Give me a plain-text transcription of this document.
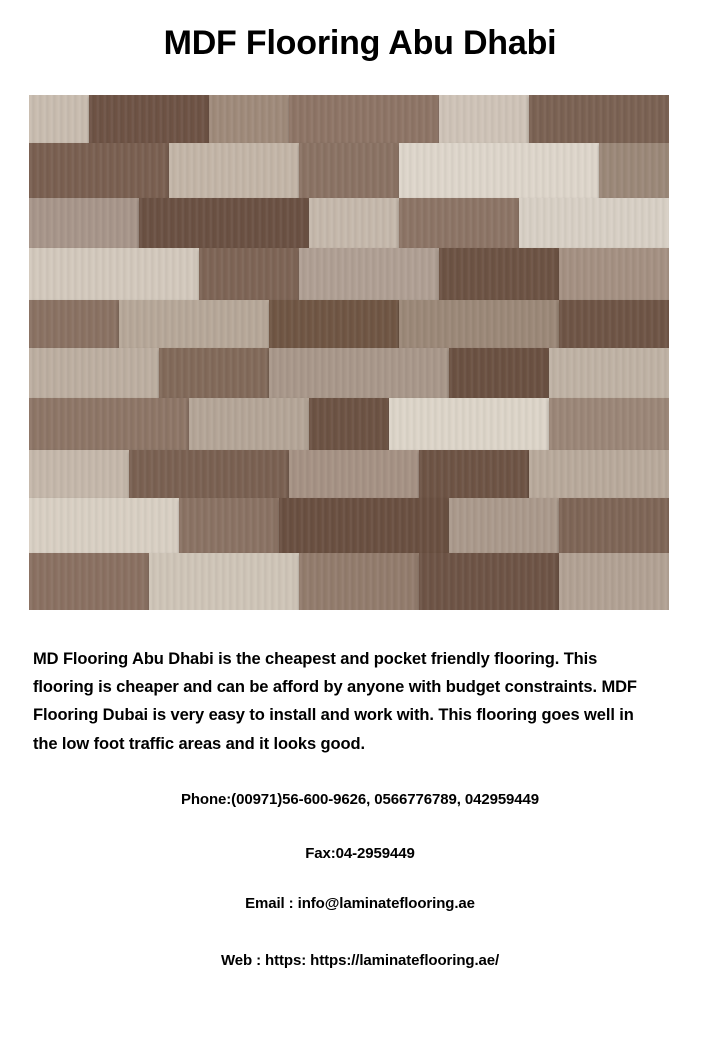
MDF Flooring Abu Dhabi

MD Flooring Abu Dhabi is the cheapest and pocket friendly flooring. This flooring is cheaper and can be afford by anyone with budget constraints. MDF Flooring Dubai is very easy to install and work with. This flooring goes well in the low foot traffic areas and it looks good.

Phone:(00971)56-600-9626, 0566776789, 042959449
Fax:04-2959449
Email : info@laminateflooring.ae
Web : https: https://laminateflooring.ae/
